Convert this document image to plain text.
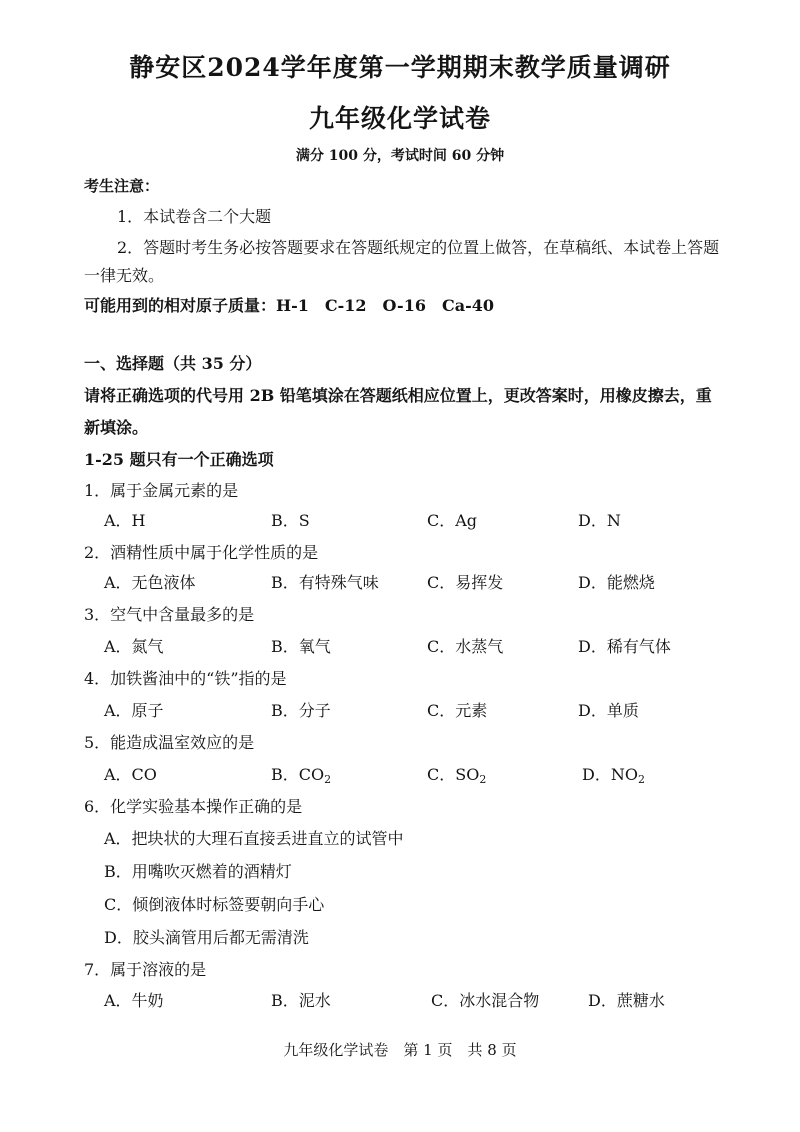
静安区2024学年度第一学期期末教学质量调研
九年级化学试卷
满分 100 分，考试时间 60 分钟
考生注意：
1．本试卷含二个大题
2．答题时考生务必按答题要求在答题纸规定的位置上做答，在草稿纸、本试卷上答题
一律无效。
可能用到的相对原子质量：H-1　C-12　O-16　Ca-40
一、选择题（共 35 分）
请将正确选项的代号用 2B 铅笔填涂在答题纸相应位置上，更改答案时，用橡皮擦去，重
新填涂。
1-25 题只有一个正确选项
1．属于金属元素的是
A．H	B．S	C．Ag	D．N
2．酒精性质中属于化学性质的是
A．无色液体	B．有特殊气味	C．易挥发	D．能燃烧
3．空气中含量最多的是
A．氮气	B．氧气	C．水蒸气	D．稀有气体
4．加铁酱油中的“铁”指的是
A．原子	B．分子	C．元素	D．单质
5．能造成温室效应的是
A．CO	B．$CO_2$	C．$SO_2$	D．$NO_2$
6．化学实验基本操作正确的是
A．把块状的大理石直接丢进直立的试管中
B．用嘴吹灭燃着的酒精灯
C．倾倒液体时标签要朝向手心
D．胶头滴管用后都无需清洗
7．属于溶液的是
A．牛奶	B．泥水	C．冰水混合物	D．蔗糖水
九年级化学试卷　第 1 页　共 8 页
